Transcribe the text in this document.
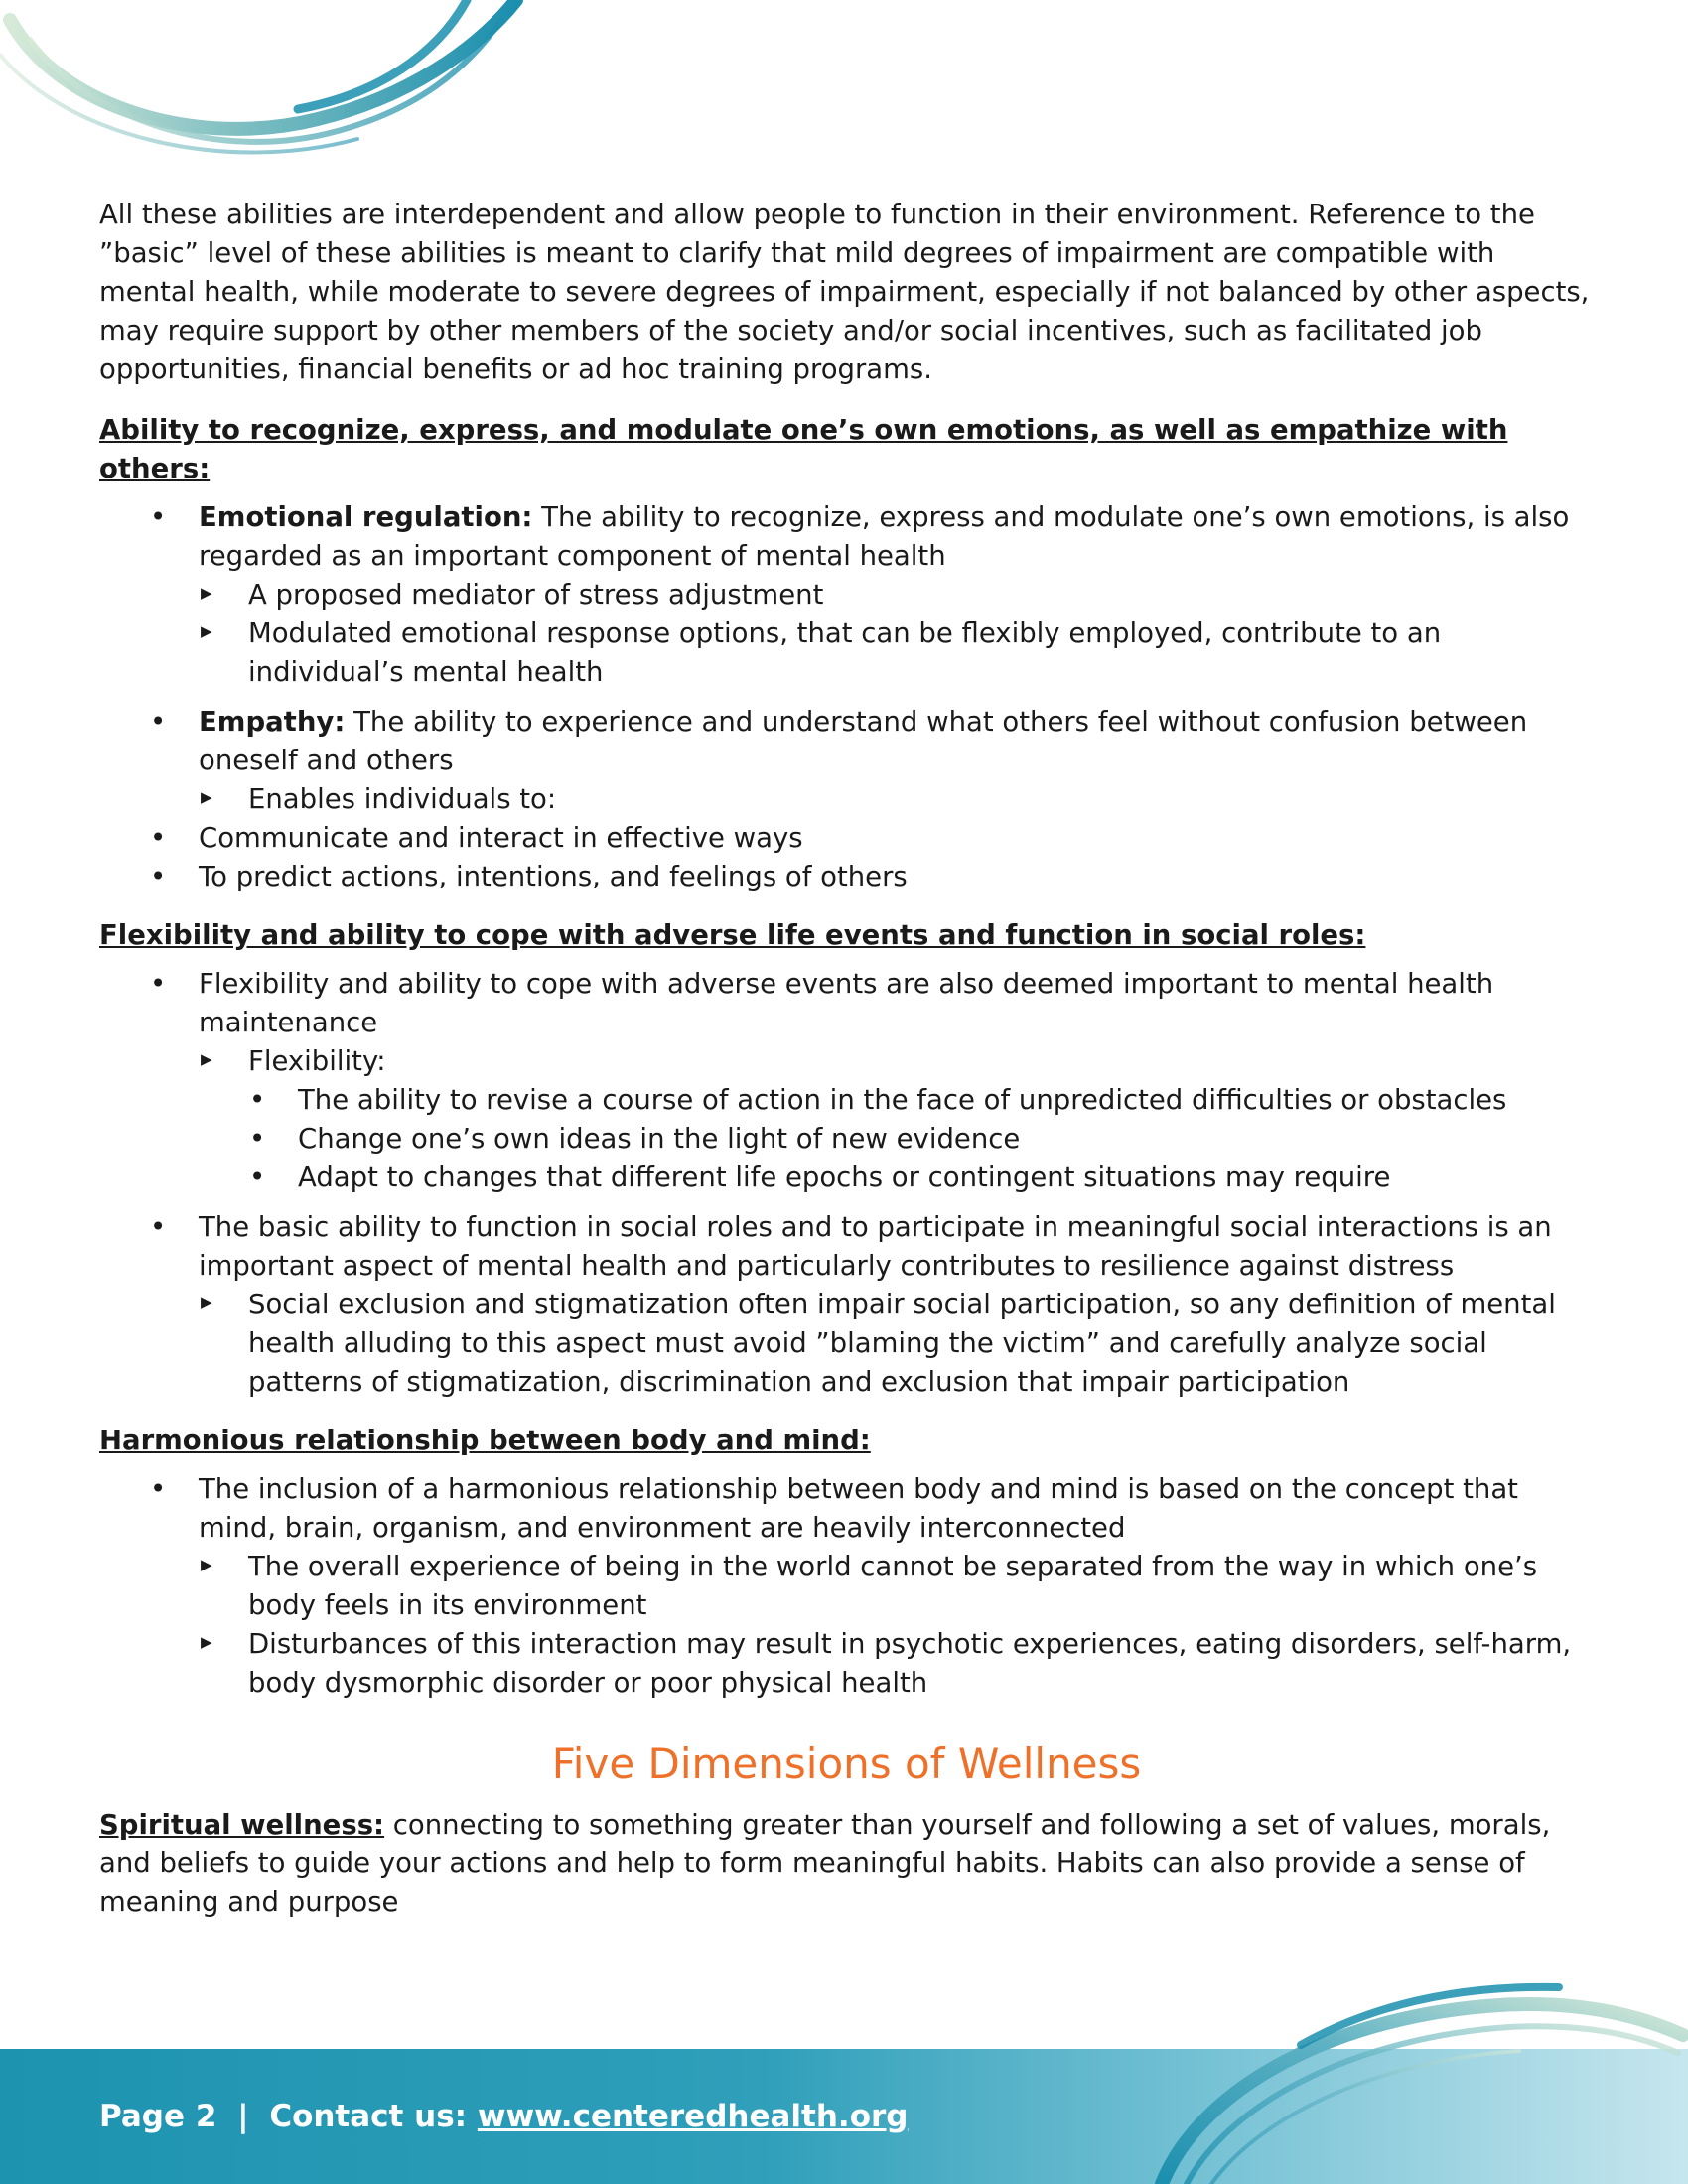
All these abilities are interdependent and allow people to function in their environment. Reference to the ”basic” level of these abilities is meant to clarify that mild degrees of impairment are compatible with mental health, while moderate to severe degrees of impairment, especially if not balanced by other aspects, may require support by other members of the society and/or social incentives, such as facilitated job opportunities, financial benefits or ad hoc training programs.

Ability to recognize, express, and modulate one’s own emotions, as well as empathize with others:

• Emotional regulation: The ability to recognize, express and modulate one’s own emotions, is also regarded as an important component of mental health
▶ A proposed mediator of stress adjustment
▶ Modulated emotional response options, that can be flexibly employed, contribute to an individual’s mental health
• Empathy: The ability to experience and understand what others feel without confusion between oneself and others
▶ Enables individuals to:
• Communicate and interact in effective ways
• To predict actions, intentions, and feelings of others

Flexibility and ability to cope with adverse life events and function in social roles:

• Flexibility and ability to cope with adverse events are also deemed important to mental health maintenance
▶ Flexibility:
• The ability to revise a course of action in the face of unpredicted difficulties or obstacles
• Change one’s own ideas in the light of new evidence
• Adapt to changes that different life epochs or contingent situations may require
• The basic ability to function in social roles and to participate in meaningful social interactions is an important aspect of mental health and particularly contributes to resilience against distress
▶ Social exclusion and stigmatization often impair social participation, so any definition of mental health alluding to this aspect must avoid ”blaming the victim” and carefully analyze social patterns of stigmatization, discrimination and exclusion that impair participation

Harmonious relationship between body and mind:

• The inclusion of a harmonious relationship between body and mind is based on the concept that mind, brain, organism, and environment are heavily interconnected
▶ The overall experience of being in the world cannot be separated from the way in which one’s body feels in its environment
▶ Disturbances of this interaction may result in psychotic experiences, eating disorders, self-harm, body dysmorphic disorder or poor physical health

Five Dimensions of Wellness

Spiritual wellness: connecting to something greater than yourself and following a set of values, morals, and beliefs to guide your actions and help to form meaningful habits. Habits can also provide a sense of meaning and purpose

Page 2 | Contact us: www.centeredhealth.org
